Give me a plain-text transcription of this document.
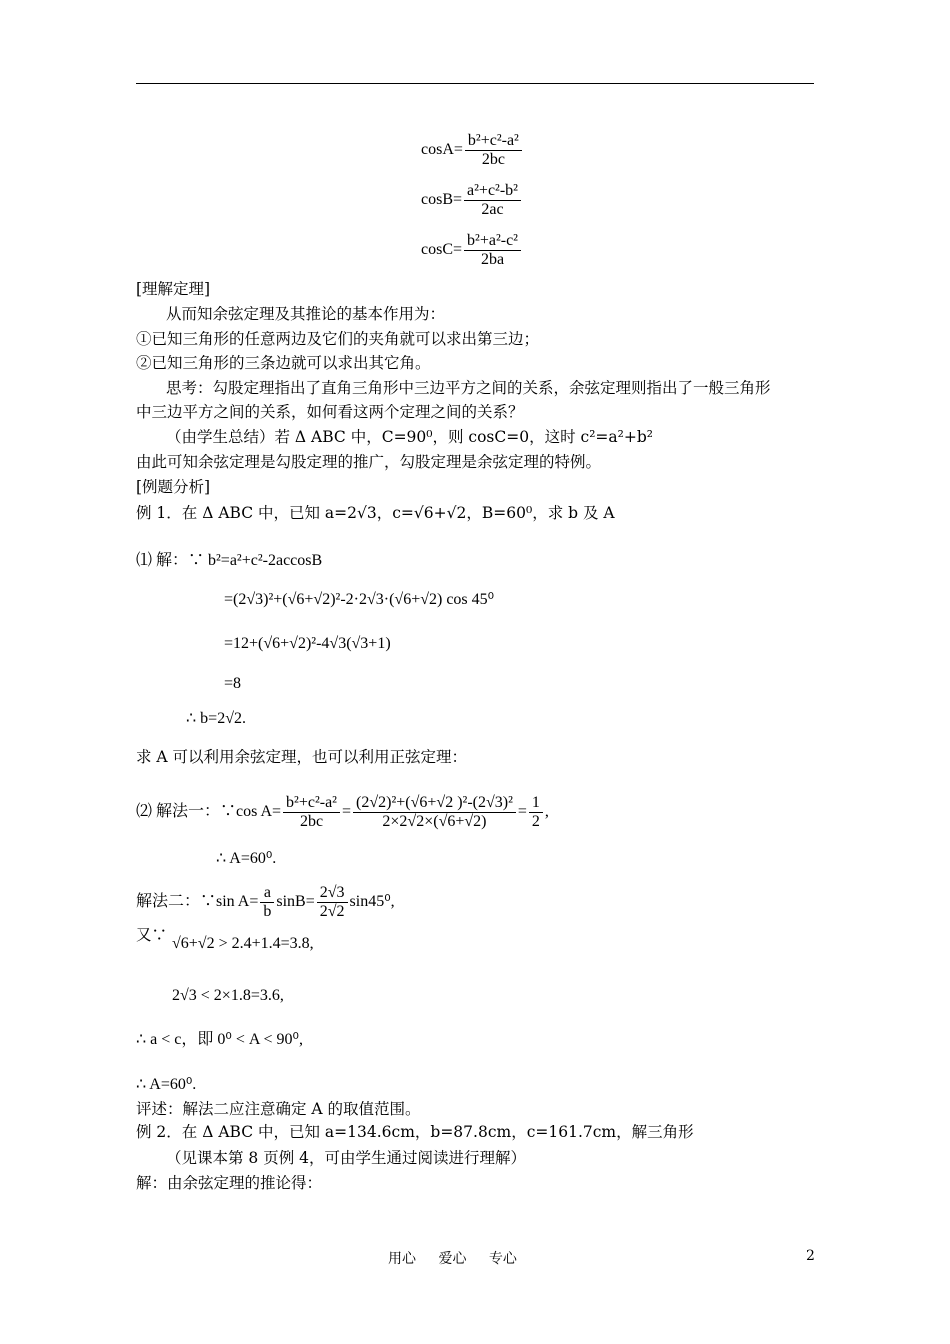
$\cos A= \frac{\text{b²+c²-a²}}{2bc}$
$\cos B= \frac{\text{a²+c²-b²}}{2ac}$
$\cos C= \frac{\text{b²+a²-c²}}{2ba}$
[理解定理]
从而知余弦定理及其推论的基本作用为：
①已知三角形的任意两边及它们的夹角就可以求出第三边；
②已知三角形的三条边就可以求出其它角。
思考：勾股定理指出了直角三角形中三边平方之间的关系，余弦定理则指出了一般三角形
中三边平方之间的关系，如何看这两个定理之间的关系？
（由学生总结）若 Δ ABC 中，C=90⁰，则 cosC=0，这时 c²=a²+b²
由此可知余弦定理是勾股定理的推广，勾股定理是余弦定理的特例。
[例题分析]
例 1．在 Δ ABC 中，已知 a=2√3，c=√6+√2，B=60⁰，求 b 及 A
⑴ 解：∵ b²=a²+c²-2accosB
=(2√3)²+(√6+√2)²-2·2√3·(√6+√2) cos 45⁰
=12+(√6+√2)²-4√3(√3+1)
=8
∴ b=2√2.
求 A 可以利用余弦定理，也可以利用正弦定理：
⑵ 解法一：∵cos $A= \frac{\text{b²+c²-a²}}{2bc} = \frac{\text{(2√2)²+(√6+√2 )²-(2√3)²}}{2\times 2√2\times(√6+√2)} = \frac{1}{2}$ ,
∴ A=60⁰.
解法二：∵sin $A= \frac{a}{b} \sin B= \frac{2√3}{2√2} \sin 45^0$,
又∵ √6+√2 > 2.4+1.4=3.8,
2√3 < 2×1.8=3.6,
∴ a < c，即 0⁰ < A < 90⁰,
∴ A=60⁰.
评述：解法二应注意确定 A 的取值范围。
例 2．在 Δ ABC 中，已知 a=134.6cm，b=87.8cm，c=161.7cm，解三角形
（见课本第 8 页例 4，可由学生通过阅读进行理解）
解：由余弦定理的推论得：
用心 爱心 专心	2
